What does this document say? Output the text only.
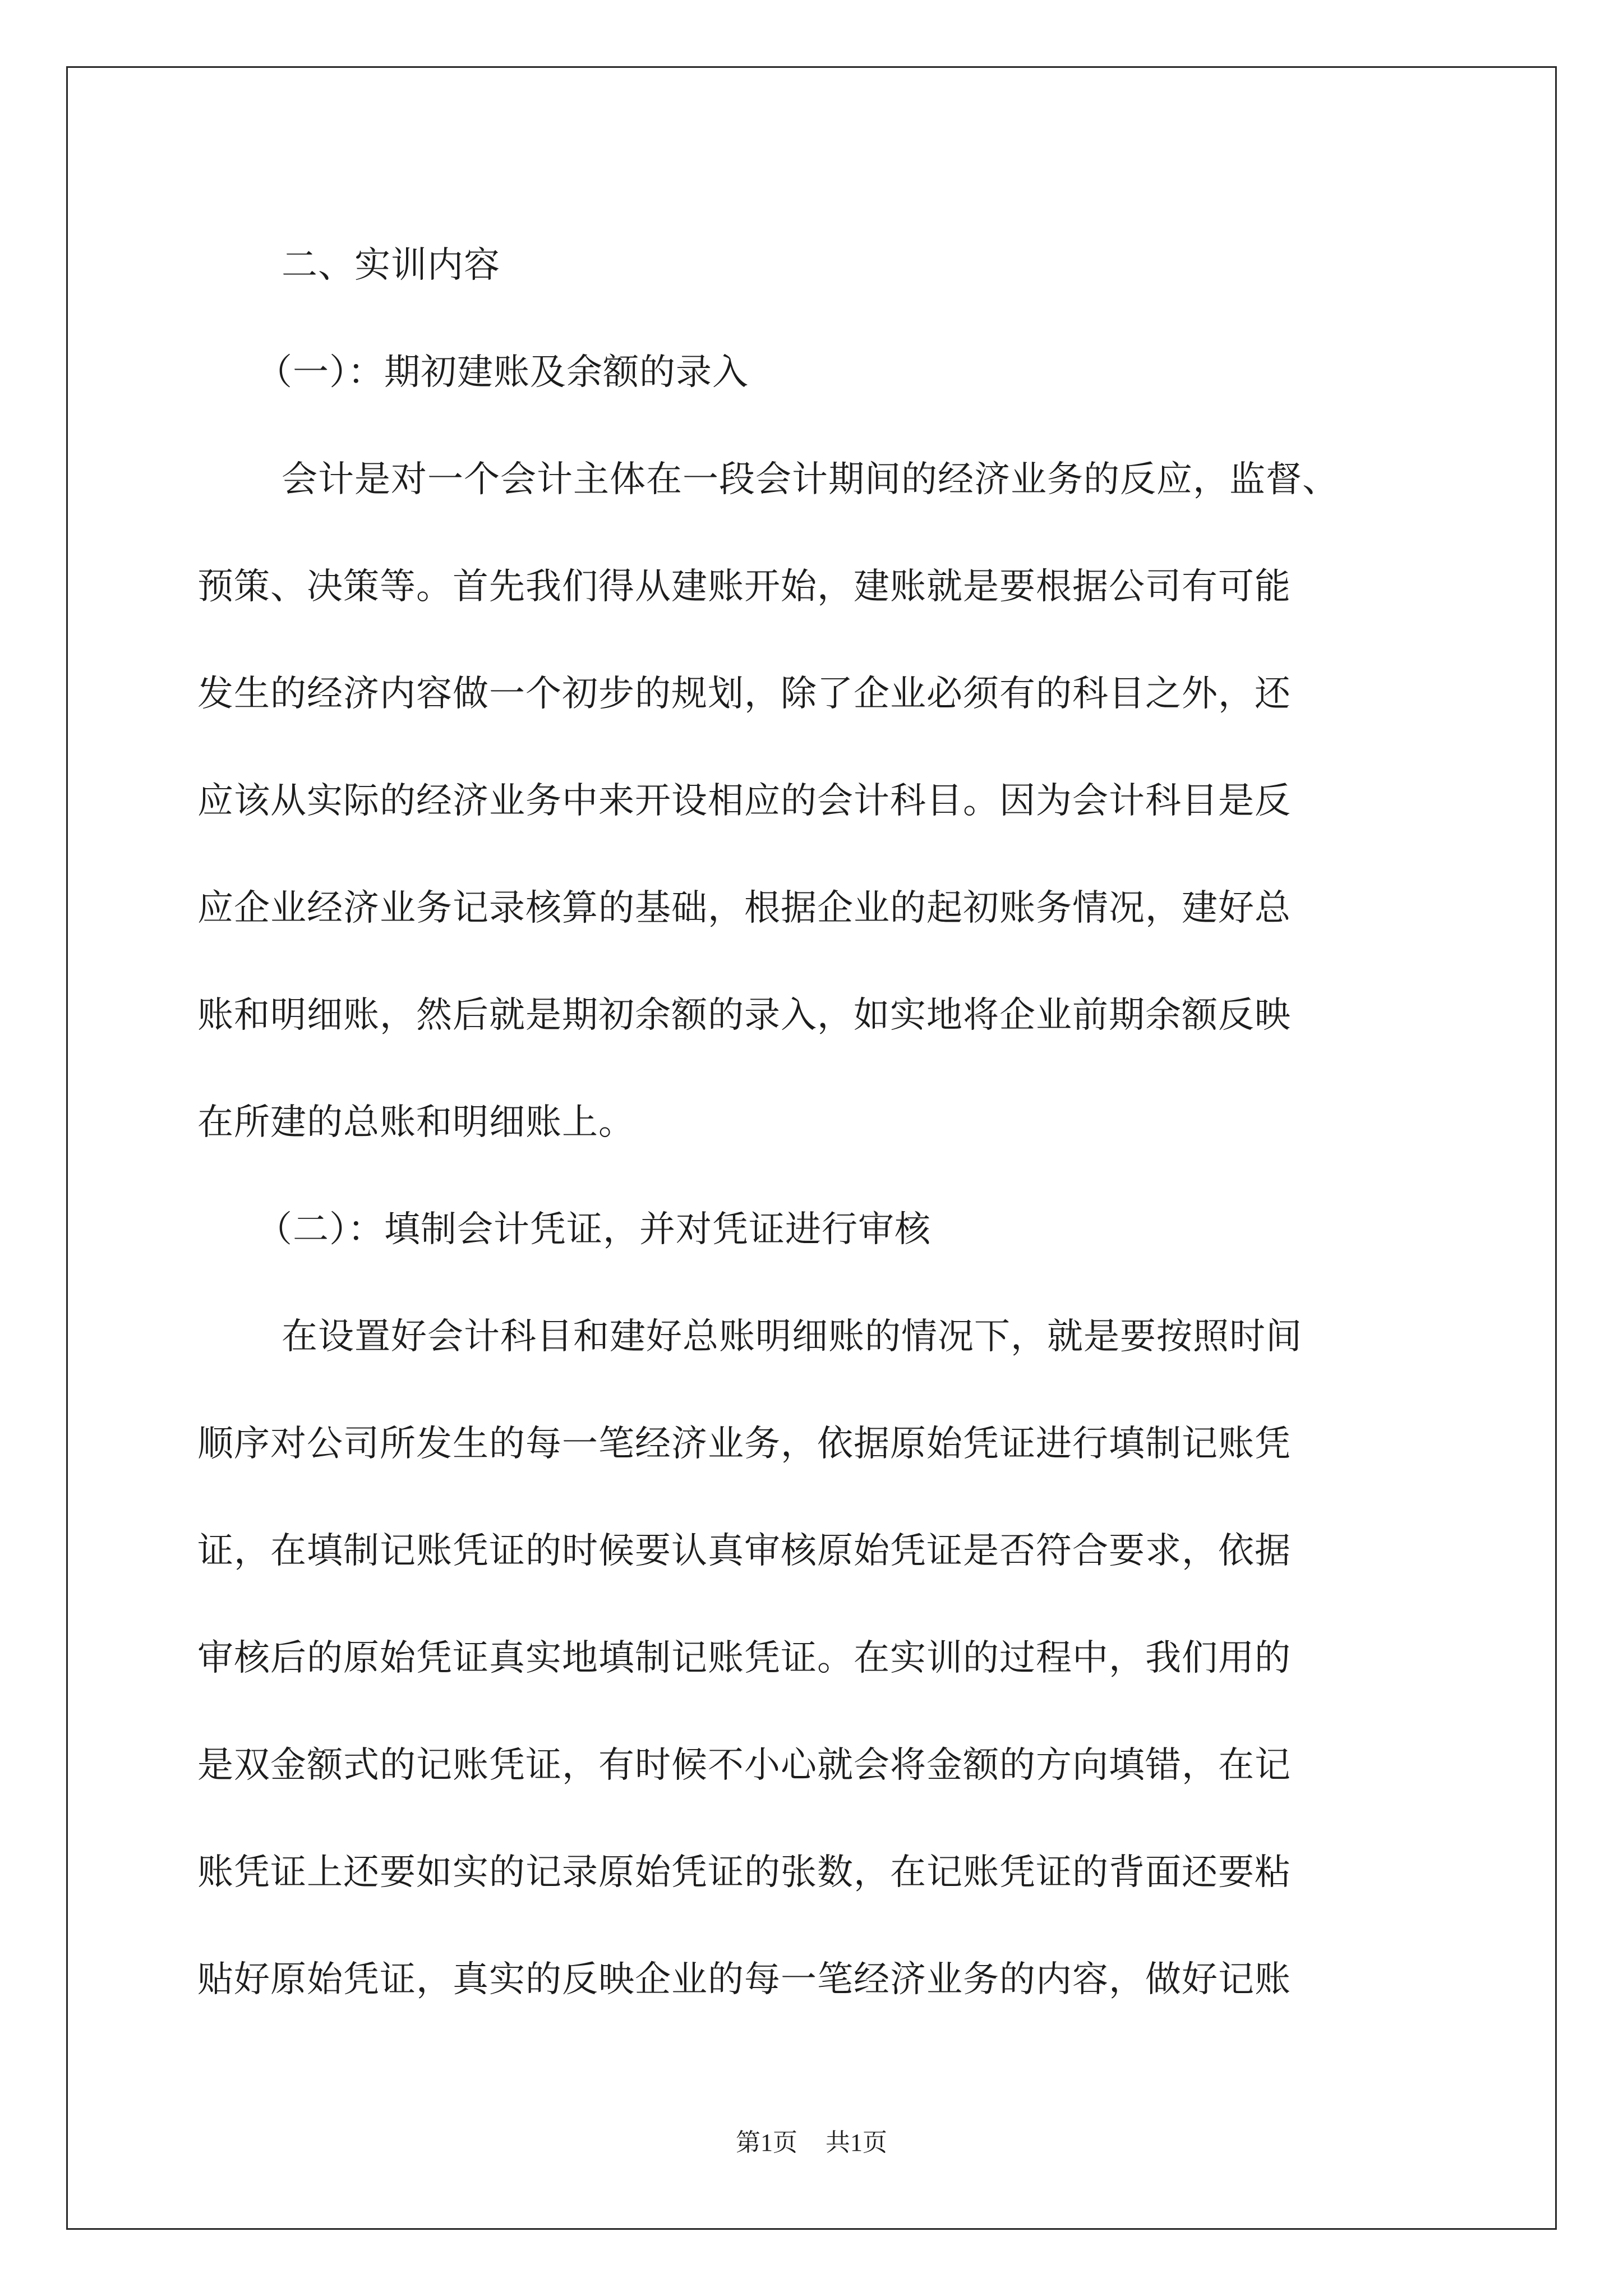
二、实训内容
（一）：期初建账及余额的录入
会计是对一个会计主体在一段会计期间的经济业务的反应，监督、
预策、决策等。首先我们得从建账开始，建账就是要根据公司有可能
发生的经济内容做一个初步的规划，除了企业必须有的科目之外，还
应该从实际的经济业务中来开设相应的会计科目。因为会计科目是反
应企业经济业务记录核算的基础，根据企业的起初账务情况，建好总
账和明细账，然后就是期初余额的录入，如实地将企业前期余额反映
在所建的总账和明细账上。
（二）：填制会计凭证，并对凭证进行审核
在设置好会计科目和建好总账明细账的情况下，就是要按照时间
顺序对公司所发生的每一笔经济业务，依据原始凭证进行填制记账凭
证，在填制记账凭证的时候要认真审核原始凭证是否符合要求，依据
审核后的原始凭证真实地填制记账凭证。在实训的过程中，我们用的
是双金额式的记账凭证，有时候不小心就会将金额的方向填错，在记
账凭证上还要如实的记录原始凭证的张数，在记账凭证的背面还要粘
贴好原始凭证，真实的反映企业的每一笔经济业务的内容，做好记账
第1页 共1页
